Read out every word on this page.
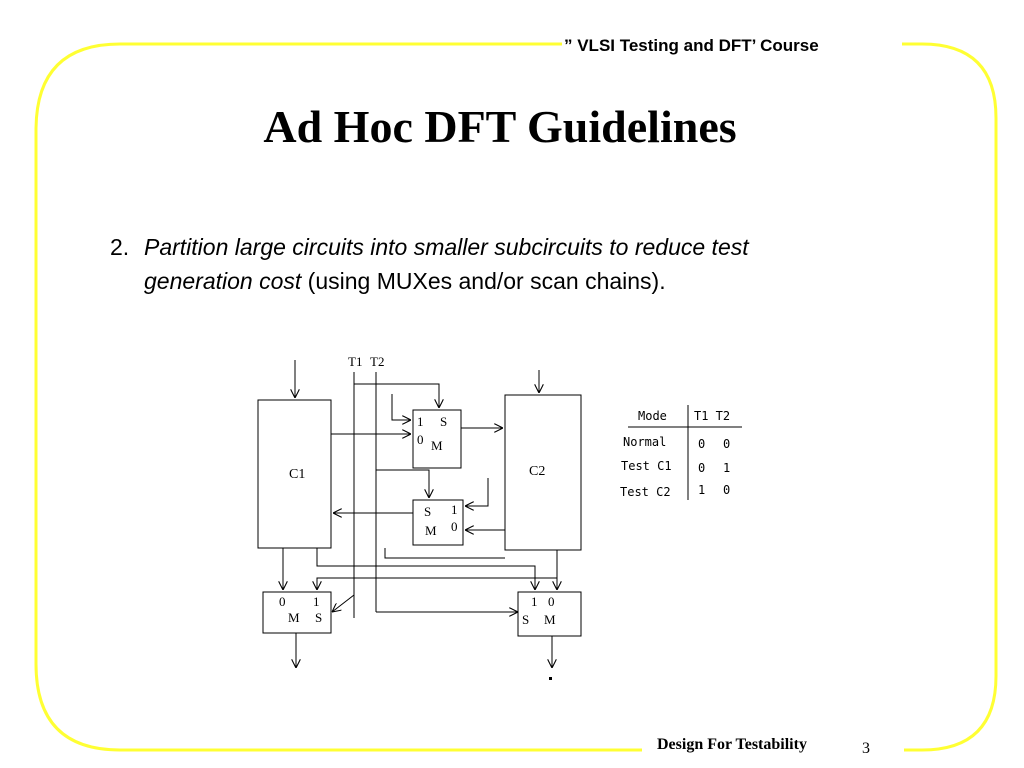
” VLSI Testing and DFT’ Course
Ad Hoc DFT Guidelines
2. Partition large circuits into smaller subcircuits to reduce test
generation cost (using MUXes and/or scan chains).
T1 T2
C1	C2
1 S
0 M
S 1
M 0
0 1
M S
1 0
S M
Mode T1 T2
Normal	0 0
Test C1 0 1
Test C2 1 0
Design For Testability	3
